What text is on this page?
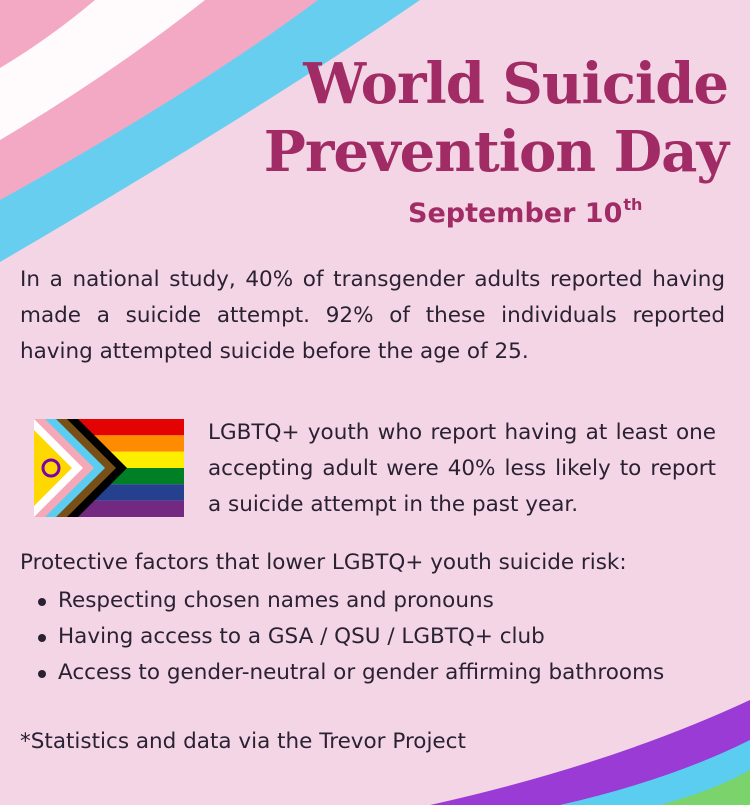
World Suicide
Prevention Day

September 10th

In a national study, 40% of transgender adults reported having made a suicide attempt. 92% of these individuals reported having attempted suicide before the age of 25.

LGBTQ+ youth who report having at least one accepting adult were 40% less likely to report a suicide attempt in the past year.

Protective factors that lower LGBTQ+ youth suicide risk:

Respecting chosen names and pronouns
Having access to a GSA / QSU / LGBTQ+ club
Access to gender-neutral or gender affirming bathrooms

*Statistics and data via the Trevor Project
